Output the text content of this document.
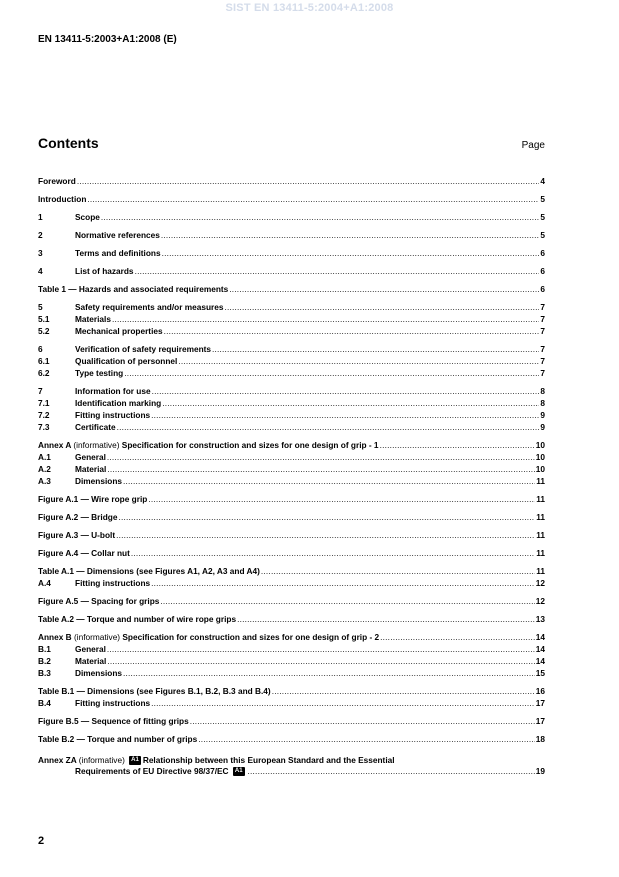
SIST EN 13411-5:2004+A1:2008
EN 13411-5:2003+A1:2008 (E)
Contents	Page
Foreword .....	4
Introduction .....	5
1	Scope .....	5
2	Normative references .....	5
3	Terms and definitions .....	6
4	List of hazards .....	6
Table 1 — Hazards and associated requirements .....	6
5	Safety requirements and/or measures .....	7
5.1	Materials .....	7
5.2	Mechanical properties .....	7
6	Verification of safety requirements .....	7
6.1	Qualification of personnel .....	7
6.2	Type testing .....	7
7	Information for use .....	8
7.1	Identification marking .....	8
7.2	Fitting instructions .....	9
7.3	Certificate .....	9
Annex A (informative) Specification for construction and sizes for one design of grip - 1 .....	10
A.1	General .....	10
A.2	Material .....	10
A.3	Dimensions .....	11
Figure A.1 — Wire rope grip .....	11
Figure A.2 — Bridge .....	11
Figure A.3 — U-bolt .....	11
Figure A.4 — Collar nut .....	11
Table A.1 — Dimensions (see Figures A1, A2, A3 and A4) .....	11
A.4	Fitting instructions .....	12
Figure A.5 — Spacing for grips .....	12
Table A.2 — Torque and number of wire rope grips .....	13
Annex B (informative) Specification for construction and sizes for one design of grip - 2 .....	14
B.1	General .....	14
B.2	Material .....	14
B.3	Dimensions .....	15
Table B.1 — Dimensions (see Figures B.1, B.2, B.3 and B.4) .....	16
B.4	Fitting instructions .....	17
Figure B.5 — Sequence of fitting grips .....	17
Table B.2 — Torque and number of grips .....	18
Annex ZA (informative) A1 Relationship between this European Standard and the Essential
Requirements of EU Directive 98/37/EC A1 .....	19
2
